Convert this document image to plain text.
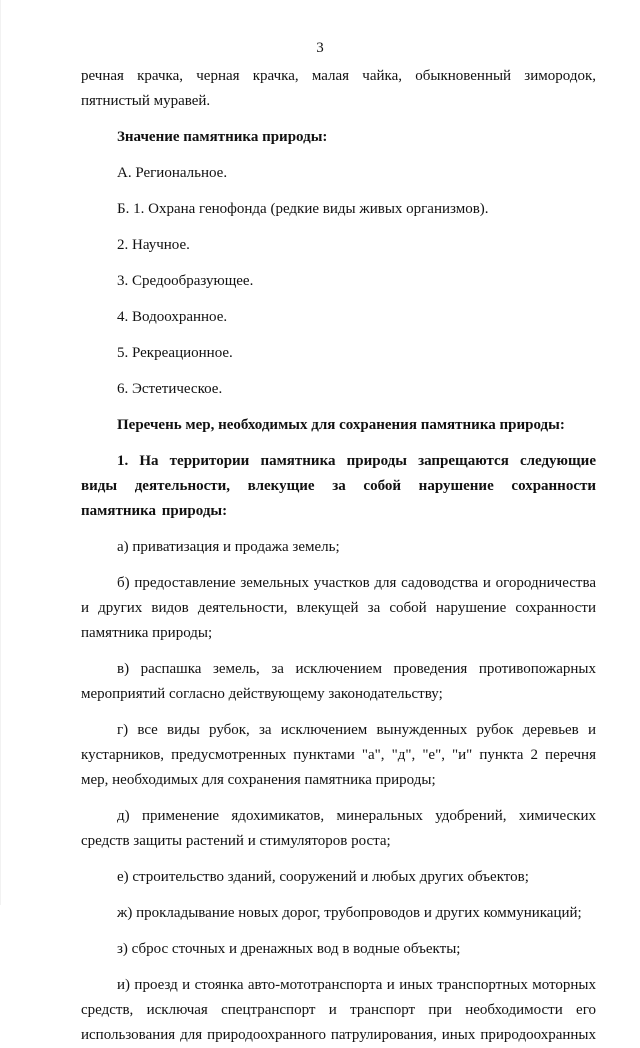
3

речная крачка, черная крачка, малая чайка, обыкновенный зимородок,

пятнистый муравей.

Значение памятника природы:

А. Региональное.

Б. 1. Охрана генофонда (редкие виды живых организмов).

2. Научное.

3. Средообразующее.

4. Водоохранное.

5. Рекреационное.

6. Эстетическое.

Перечень мер, необходимых для сохранения памятника природы:

1. На территории памятника природы запрещаются следующие виды деятельности, влекущие за собой нарушение сохранности памятника природы:

а) приватизация и продажа земель;

б) предоставление земельных участков для садоводства и огородничества и других видов деятельности, влекущей за собой нарушение сохранности памятника природы;

в) распашка земель, за исключением проведения противопожарных мероприятий согласно действующему законодательству;

г) все виды рубок, за исключением вынужденных рубок деревьев и кустарников, предусмотренных пунктами "а", "д", "е", "и" пункта 2 перечня мер, необходимых для сохранения памятника природы;

д) применение ядохимикатов, минеральных удобрений, химических средств защиты растений и стимуляторов роста;

е) строительство зданий, сооружений и любых других объектов;

ж) прокладывание новых дорог, трубопроводов и других коммуникаций;

з) сброс сточных и дренажных вод в водные объекты;

и) проезд и стоянка авто-мототранспорта и иных транспортных моторных средств, исключая спецтранспорт и транспорт при необходимости его использования для природоохранного патрулирования, иных природоохранных
